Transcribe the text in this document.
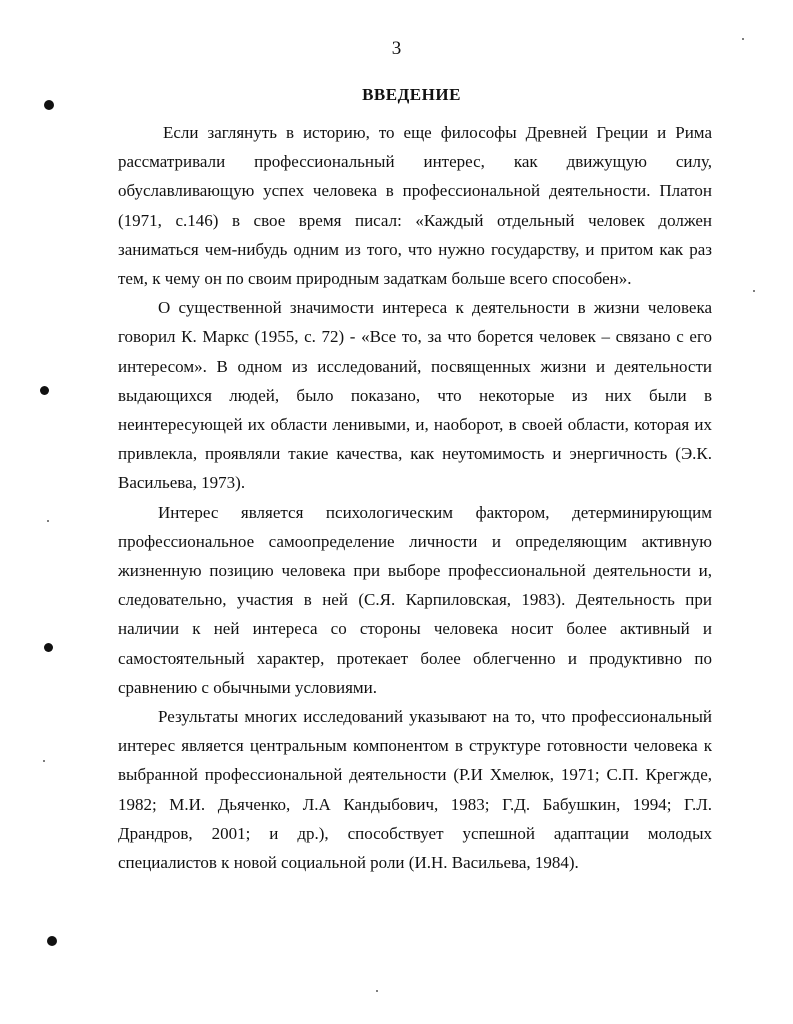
3
ВВЕДЕНИЕ

Если заглянуть в историю, то еще философы Древней Греции и Рима рассматривали профессиональный интерес, как движущую силу, обуславливающую успех человека в профессиональной деятельности. Платон (1971, с.146) в свое время писал: «Каждый отдельный человек должен заниматься чем-нибудь одним из того, что нужно государству, и притом как раз тем, к чему он по своим природным задаткам больше всего способен».

О существенной значимости интереса к деятельности в жизни человека говорил К. Маркс (1955, с. 72) - «Все то, за что борется человек – связано с его интересом». В одном из исследований, посвященных жизни и деятельности выдающихся людей, было показано, что некоторые из них были в неинтересующей их области ленивыми, и, наоборот, в своей области, которая их привлекла, проявляли такие качества, как неутомимость и энергичность (Э.К. Васильева, 1973).

Интерес является психологическим фактором, детерминирующим профессиональное самоопределение личности и определяющим активную жизненную позицию человека при выборе профессиональной деятельности и, следовательно, участия в ней (С.Я. Карпиловская, 1983). Деятельность при наличии к ней интереса со стороны человека носит более активный и самостоятельный характер, протекает более облегченно и продуктивно по сравнению с обычными условиями.

Результаты многих исследований указывают на то, что профессиональный интерес является центральным компонентом в структуре готовности человека к выбранной профессиональной деятельности (Р.И Хмелюк, 1971; С.П. Крегжде, 1982; М.И. Дьяченко, Л.А Кандыбович, 1983; Г.Д. Бабушкин, 1994; Г.Л. Драндров, 2001; и др.), способствует успешной адаптации молодых специалистов к новой социальной роли (И.Н. Васильева, 1984).
